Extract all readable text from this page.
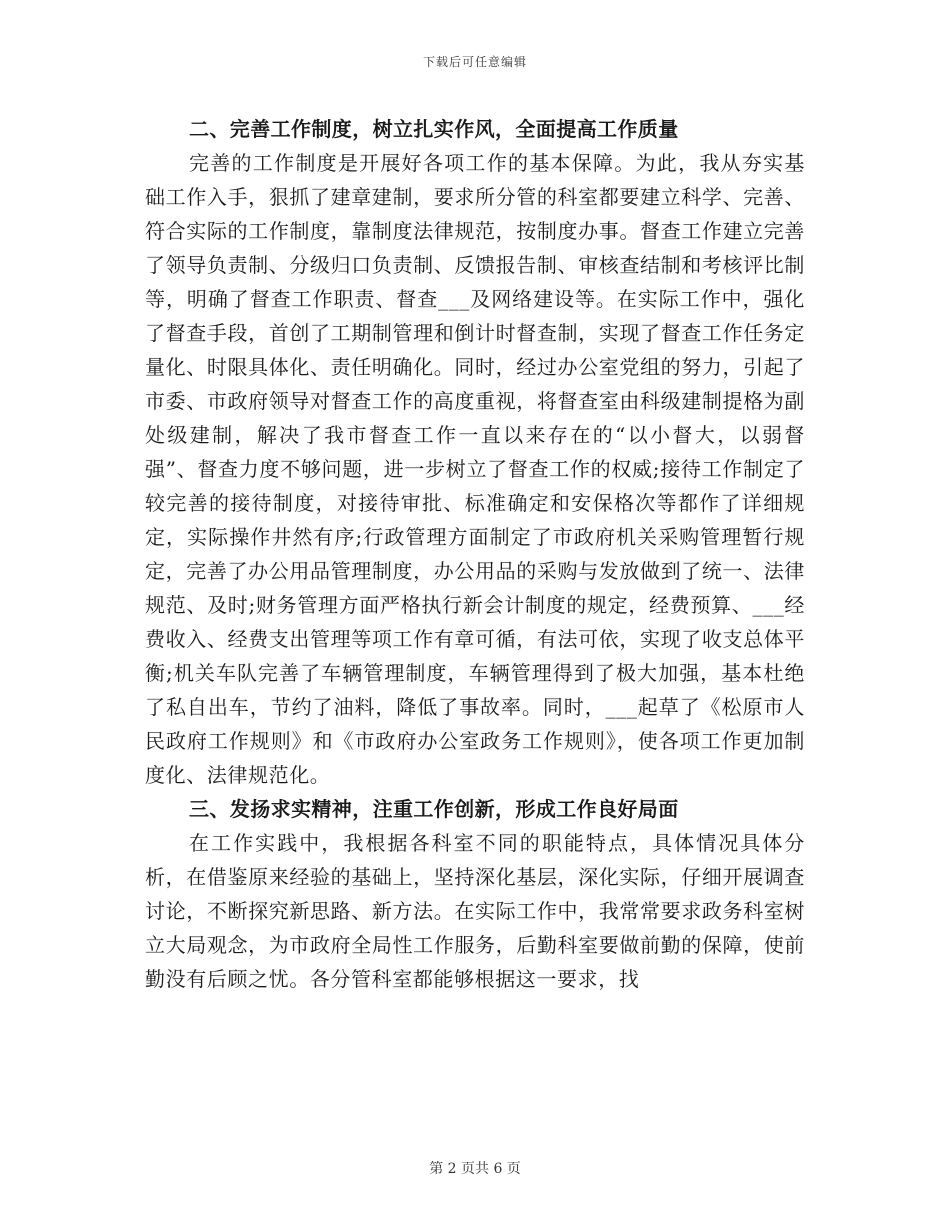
下载后可任意编辑
二、完善工作制度，树立扎实作风，全面提高工作质量

完善的工作制度是开展好各项工作的基本保障。为此，我从夯实基础工作入手，狠抓了建章建制，要求所分管的科室都要建立科学、完善、符合实际的工作制度，靠制度法律规范，按制度办事。督查工作建立完善了领导负责制、分级归口负责制、反馈报告制、审核查结制和考核评比制等，明确了督查工作职责、督查___及网络建设等。在实际工作中，强化了督查手段，首创了工期制管理和倒计时督查制，实现了督查工作任务定量化、时限具体化、责任明确化。同时，经过办公室党组的努力，引起了市委、市政府领导对督查工作的高度重视，将督查室由科级建制提格为副处级建制，解决了我市督查工作一直以来存在的“以小督大，以弱督强”、督查力度不够问题，进一步树立了督查工作的权威;接待工作制定了较完善的接待制度，对接待审批、标准确定和安保格次等都作了详细规定，实际操作井然有序;行政管理方面制定了市政府机关采购管理暂行规定，完善了办公用品管理制度，办公用品的采购与发放做到了统一、法律规范、及时;财务管理方面严格执行新会计制度的规定，经费预算、___经费收入、经费支出管理等项工作有章可循，有法可依，实现了收支总体平衡;机关车队完善了车辆管理制度，车辆管理得到了极大加强，基本杜绝了私自出车，节约了油料，降低了事故率。同时，___起草了《松原市人民政府工作规则》和《市政府办公室政务工作规则》，使各项工作更加制度化、法律规范化。

三、发扬求实精神，注重工作创新，形成工作良好局面

在工作实践中，我根据各科室不同的职能特点，具体情况具体分析，在借鉴原来经验的基础上，坚持深化基层，深化实际，仔细开展调查讨论，不断探究新思路、新方法。在实际工作中，我常常要求政务科室树立大局观念，为市政府全局性工作服务，后勤科室要做前勤的保障，使前勤没有后顾之忧。各分管科室都能够根据这一要求，找

第 2 页共 6 页
